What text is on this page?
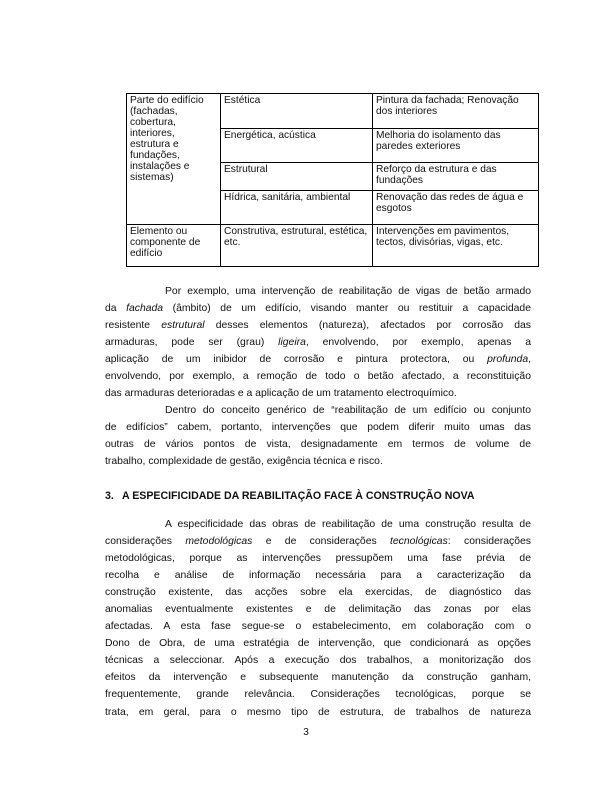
Parte do edifício (fachadas, cobertura, interiores, estrutura e fundações, instalações e sistemas)	Estética	Pintura da fachada; Renovação dos interiores
	Energética, acústica	Melhoria do isolamento das paredes exteriores
	Estrutural	Reforço da estrutura e das fundações
	Hídrica, sanitária, ambiental	Renovação das redes de água e esgotos
Elemento ou componente de edifício	Construtiva, estrutural, estética, etc.	Intervenções em pavimentos, tectos, divisórias, vigas, etc.
Por exemplo, uma intervenção de reabilitação de vigas de betão armado
da fachada (âmbito) de um edifício, visando manter ou restituir a capacidade
resistente estrutural desses elementos (natureza), afectados por corrosão das
armaduras, pode ser (grau) ligeira, envolvendo, por exemplo, apenas a
aplicação de um inibidor de corrosão e pintura protectora, ou profunda,
envolvendo, por exemplo, a remoção de todo o betão afectado, a reconstituição
das armaduras deterioradas e a aplicação de um tratamento electroquímico.
Dentro do conceito genérico de “reabilitação de um edifício ou conjunto
de edifícios” cabem, portanto, intervenções que podem diferir muito umas das
outras de vários pontos de vista, designadamente em termos de volume de
trabalho, complexidade de gestão, exigência técnica e risco.
3. A ESPECIFICIDADE DA REABILITAÇÃO FACE À CONSTRUÇÃO NOVA
A especificidade das obras de reabilitação de uma construção resulta de
considerações metodológicas e de considerações tecnológicas: considerações
metodológicas, porque as intervenções pressupõem uma fase prévia de
recolha e análise de informação necessária para a caracterização da
construção existente, das acções sobre ela exercidas, de diagnóstico das
anomalias eventualmente existentes e de delimitação das zonas por elas
afectadas. A esta fase segue-se o estabelecimento, em colaboração com o
Dono de Obra, de uma estratégia de intervenção, que condicionará as opções
técnicas a seleccionar. Após a execução dos trabalhos, a monitorização dos
efeitos da intervenção e subsequente manutenção da construção ganham,
frequentemente, grande relevância. Considerações tecnológicas, porque se
trata, em geral, para o mesmo tipo de estrutura, de trabalhos de natureza
3
